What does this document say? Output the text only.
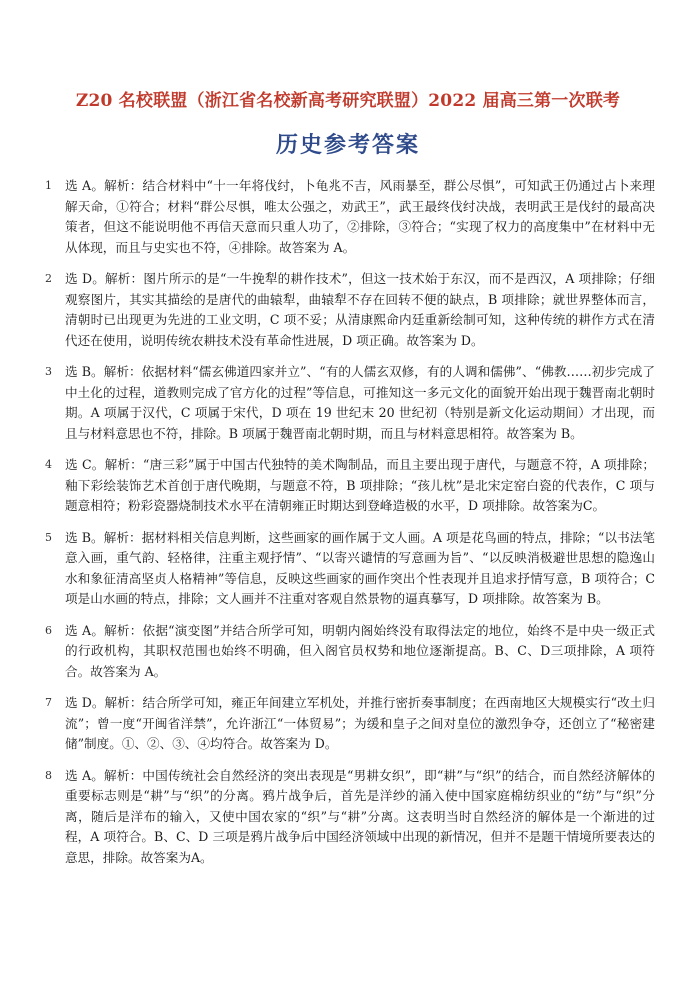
Z20 名校联盟（浙江省名校新高考研究联盟）2022 届高三第一次联考
历史参考答案
1	选 A。解析：结合材料中“十一年将伐纣，卜龟兆不吉，风雨暴至，群公尽惧”，可知武王仍通过占卜来理解天命，①符合；材料“群公尽惧，唯太公强之，劝武王”，武王最终伐纣决战，表明武王是伐纣的最高决策者，但这不能说明他不再信天意而只重人功了，②排除，③符合；“实现了权力的高度集中”在材料中无从体现，而且与史实也不符，④排除。故答案为 A。
2	选 D。解析：图片所示的是“一牛挽犁的耕作技术”，但这一技术始于东汉，而不是西汉，A 项排除；仔细观察图片，其实其描绘的是唐代的曲辕犁，曲辕犁不存在回转不便的缺点，B 项排除；就世界整体而言，清朝时已出现更为先进的工业文明，C 项不妥；从清康熙命内廷重新绘制可知，这种传统的耕作方式在清代还在使用，说明传统农耕技术没有革命性进展，D 项正确。故答案为 D。
3	选 B。解析：依据材料“儒玄佛道四家并立”、“有的人儒玄双修，有的人调和儒佛”、“佛教……初步完成了中土化的过程，道教则完成了官方化的过程”等信息，可推知这一多元文化的面貌开始出现于魏晋南北朝时期。A 项属于汉代，C 项属于宋代，D 项在 19 世纪末 20 世纪初（特别是新文化运动期间）才出现，而且与材料意思也不符，排除。B 项属于魏晋南北朝时期，而且与材料意思相符。故答案为 B。
4	选 C。解析：“唐三彩”属于中国古代独特的美术陶制品，而且主要出现于唐代，与题意不符，A 项排除；釉下彩绘装饰艺术首创于唐代晚期，与题意不符，B 项排除；“孩儿枕”是北宋定窑白瓷的代表作，C 项与题意相符；粉彩瓷器烧制技术水平在清朝雍正时期达到登峰造极的水平，D 项排除。故答案为C。
5	选 B。解析：据材料相关信息判断，这些画家的画作属于文人画。A 项是花鸟画的特点，排除；“以书法笔意入画，重气韵、轻格律，注重主观抒情”、“以寄兴谴情的写意画为旨”、“以反映消极避世思想的隐逸山水和象征清高坚贞人格精神”等信息，反映这些画家的画作突出个性表现并且追求抒情写意，B 项符合；C 项是山水画的特点，排除；文人画并不注重对客观自然景物的逼真摹写，D 项排除。故答案为 B。
6	选 A。解析：依据“演变图”并结合所学可知，明朝内阁始终没有取得法定的地位，始终不是中央一级正式的行政机构，其职权范围也始终不明确，但入阁官员权势和地位逐渐提高。B、C、D三项排除，A 项符合。故答案为 A。
7	选 D。解析：结合所学可知，雍正年间建立军机处，并推行密折奏事制度；在西南地区大规模实行“改土归流”；曾一度“开闽省洋禁”，允许浙江“一体贸易”；为缓和皇子之间对皇位的激烈争夺，还创立了“秘密建储”制度。①、②、③、④均符合。故答案为 D。
8	选 A。解析：中国传统社会自然经济的突出表现是“男耕女织”，即“耕”与“织”的结合，而自然经济解体的重要标志则是“耕”与“织”的分离。鸦片战争后，首先是洋纱的涌入使中国家庭棉纺织业的“纺”与“织”分离，随后是洋布的输入，又使中国农家的“织”与“耕”分离。这表明当时自然经济的解体是一个渐进的过程，A 项符合。B、C、D 三项是鸦片战争后中国经济领域中出现的新情况，但并不是题干情境所要表达的意思，排除。故答案为A。
